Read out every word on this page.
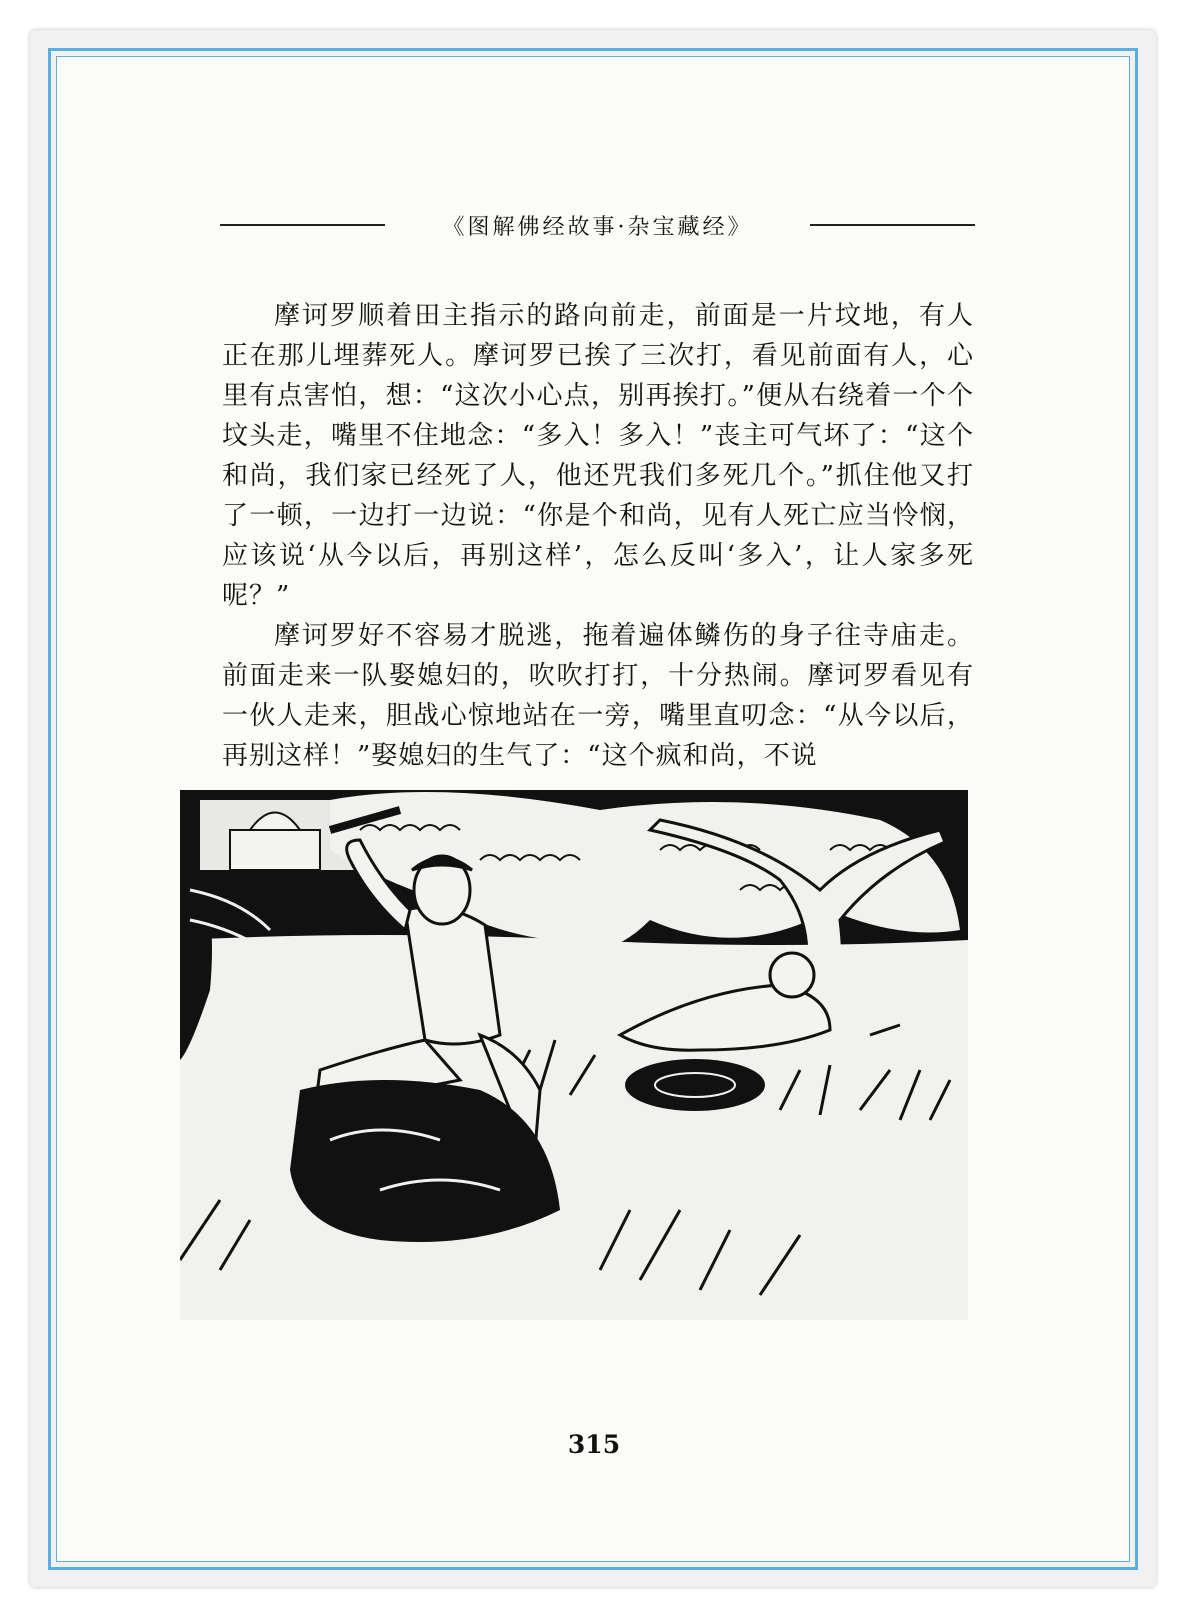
《图解佛经故事·杂宝藏经》

摩诃罗顺着田主指示的路向前走，前面是一片坟地，有人正在那儿埋葬死人。摩诃罗已挨了三次打，看见前面有人，心里有点害怕，想：“这次小心点，别再挨打。”便从右绕着一个个坟头走，嘴里不住地念：“多入！多入！”丧主可气坏了：“这个和尚，我们家已经死了人，他还咒我们多死几个。”抓住他又打了一顿，一边打一边说：“你是个和尚，见有人死亡应当怜悯，应该说‘从今以后，再别这样’，怎么反叫‘多入’，让人家多死呢？”

摩诃罗好不容易才脱逃，拖着遍体鳞伤的身子往寺庙走。前面走来一队娶媳妇的，吹吹打打，十分热闹。摩诃罗看见有一伙人走来，胆战心惊地站在一旁，嘴里直叨念：“从今以后，再别这样！”娶媳妇的生气了：“这个疯和尚，不说

315
